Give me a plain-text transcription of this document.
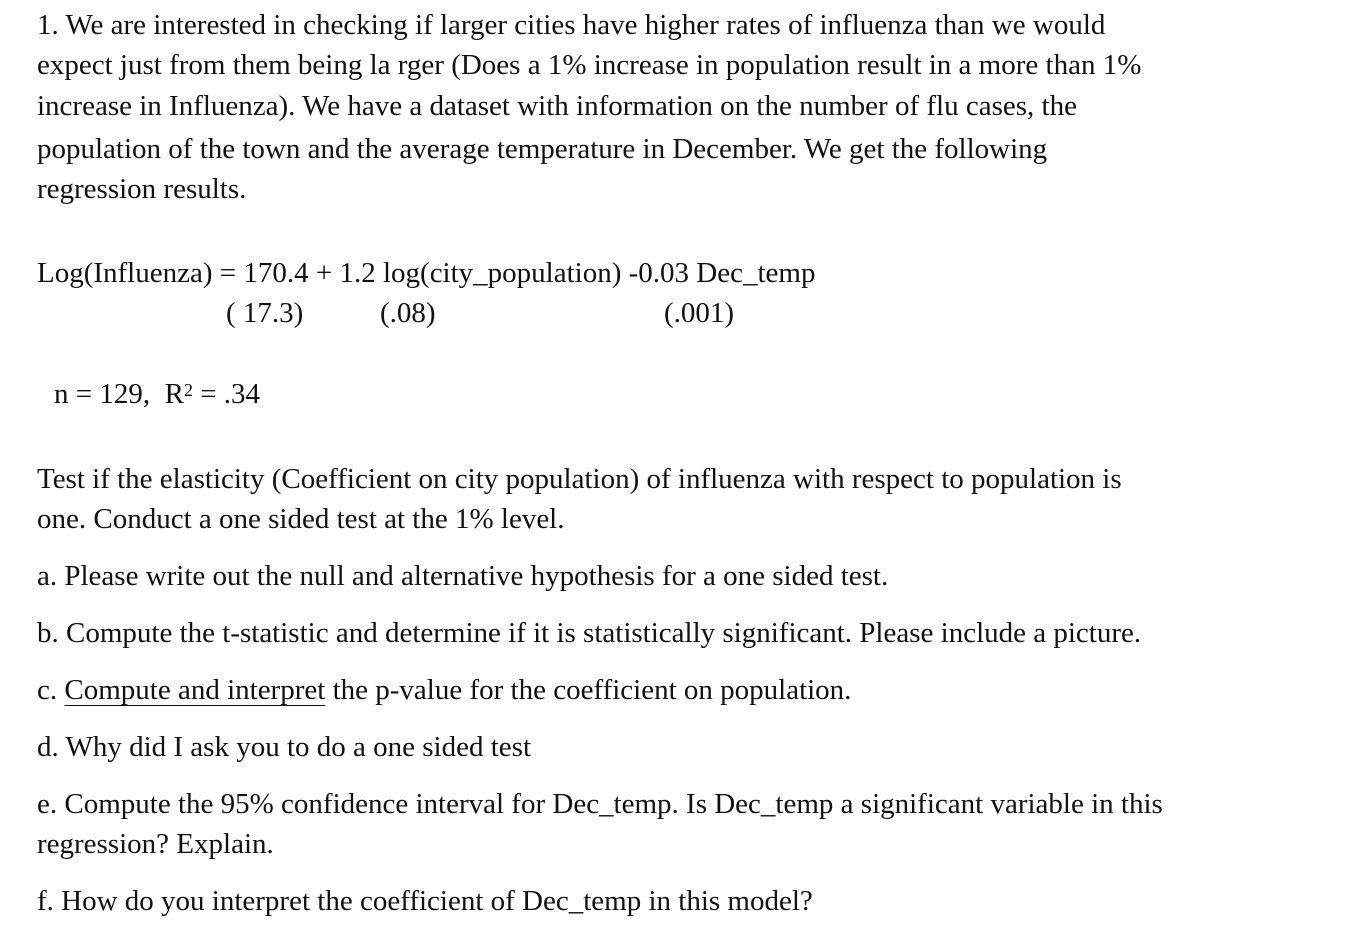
1. We are interested in checking if larger cities have higher rates of influenza than we would
expect just from them being la rger (Does a 1% increase in population result in a more than 1%
increase in Influenza). We have a dataset with information on the number of flu cases, the
population of the town and the average temperature in December. We get the following
regression results.
Log(Influenza) = 170.4 + 1.2 log(city_population) -0.03 Dec_temp
( 17.3)	(.08)	(.001)
n = 129, $R^2 = .34$
Test if the elasticity (Coefficient on city population) of influenza with respect to population is
one. Conduct a one sided test at the 1% level.
a. Please write out the null and alternative hypothesis for a one sided test.
b. Compute the t-statistic and determine if it is statistically significant. Please include a picture.
c. Compute and interpret the p-value for the coefficient on population.
d. Why did I ask you to do a one sided test
e. Compute the 95% confidence interval for Dec_temp. Is Dec_temp a significant variable in this
regression? Explain.
f. How do you interpret the coefficient of Dec_temp in this model?
